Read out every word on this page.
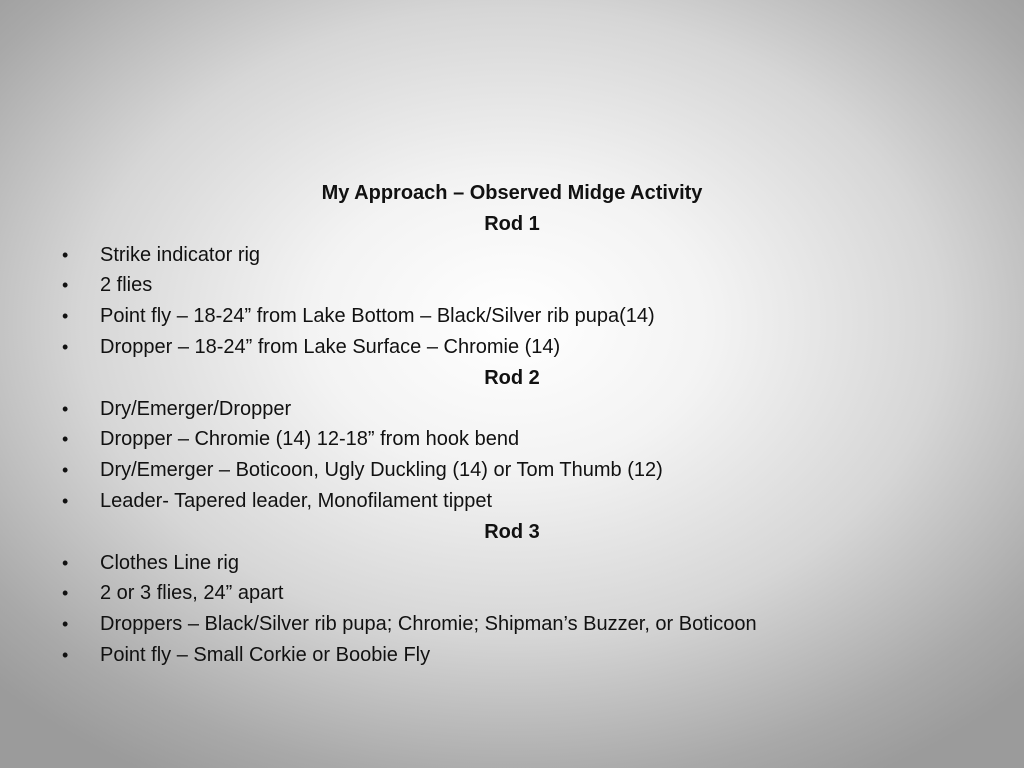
My Approach – Observed Midge Activity
Rod 1
• Strike indicator rig
• 2 flies
• Point fly – 18-24” from Lake Bottom – Black/Silver rib pupa(14)
• Dropper – 18-24” from Lake Surface – Chromie (14)
Rod 2
• Dry/Emerger/Dropper
• Dropper – Chromie (14) 12-18” from hook bend
• Dry/Emerger – Boticoon, Ugly Duckling (14) or Tom Thumb (12)
• Leader- Tapered leader, Monofilament tippet
Rod 3
• Clothes Line rig
• 2 or 3 flies, 24” apart
• Droppers – Black/Silver rib pupa; Chromie; Shipman’s Buzzer, or Boticoon
• Point fly – Small Corkie or Boobie Fly
